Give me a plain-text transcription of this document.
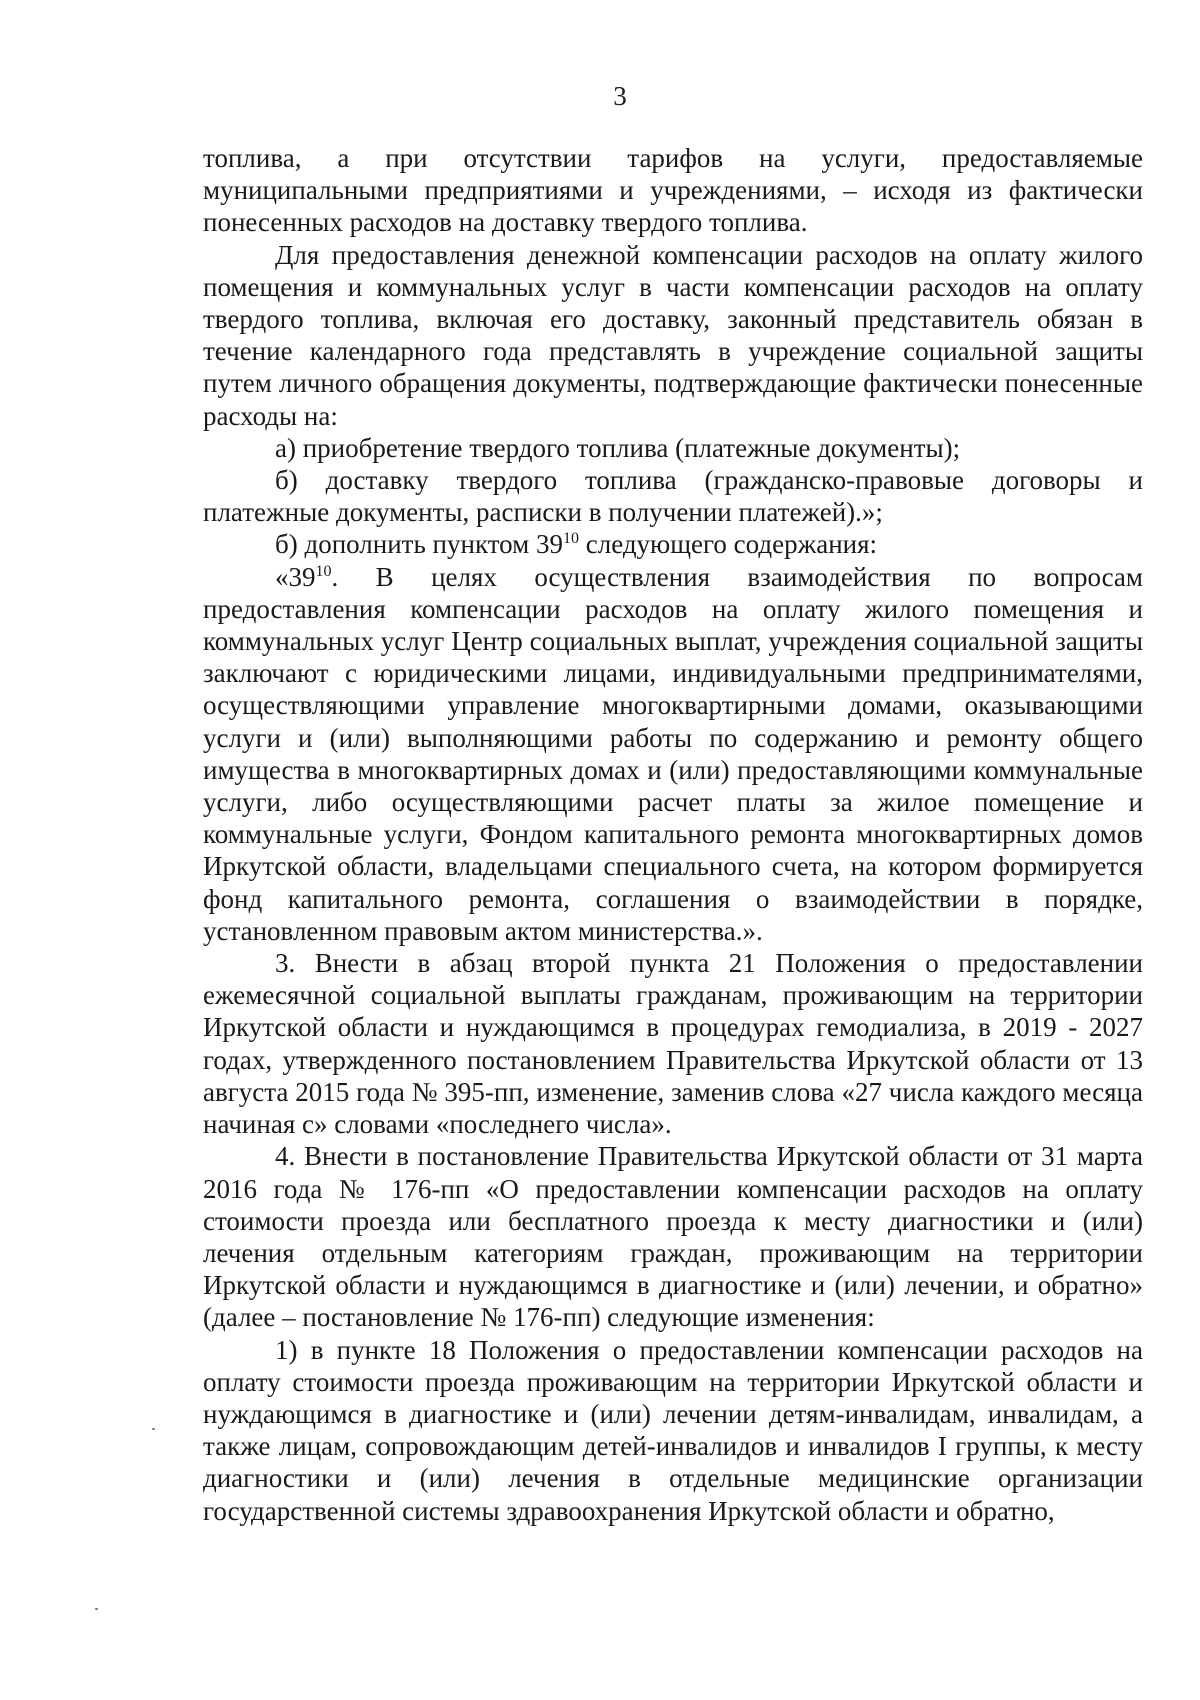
3

топлива, а при отсутствии тарифов на услуги, предоставляемые муниципальными предприятиями и учреждениями, – исходя из фактически понесенных расходов на доставку твердого топлива.

Для предоставления денежной компенсации расходов на оплату жилого помещения и коммунальных услуг в части компенсации расходов на оплату твердого топлива, включая его доставку, законный представитель обязан в течение календарного года представлять в учреждение социальной защиты путем личного обращения документы, подтверждающие фактически понесенные расходы на:

а) приобретение твердого топлива (платежные документы);

б) доставку твердого топлива (гражданско-правовые договоры и платежные документы, расписки в получении платежей).»;

б) дополнить пунктом $39^{10}$ следующего содержания:

«$39^{10}$. В целях осуществления взаимодействия по вопросам предоставления компенсации расходов на оплату жилого помещения и коммунальных услуг Центр социальных выплат, учреждения социальной защиты заключают с юридическими лицами, индивидуальными предпринимателями, осуществляющими управление многоквартирными домами, оказывающими услуги и (или) выполняющими работы по содержанию и ремонту общего имущества в многоквартирных домах и (или) предоставляющими коммунальные услуги, либо осуществляющими расчет платы за жилое помещение и коммунальные услуги, Фондом капитального ремонта многоквартирных домов Иркутской области, владельцами специального счета, на котором формируется фонд капитального ремонта, соглашения о взаимодействии в порядке, установленном правовым актом министерства.».

3. Внести в абзац второй пункта 21 Положения о предоставлении ежемесячной социальной выплаты гражданам, проживающим на территории Иркутской области и нуждающимся в процедурах гемодиализа, в 2019 - 2027 годах, утвержденного постановлением Правительства Иркутской области от 13 августа 2015 года № 395-пп, изменение, заменив слова «27 числа каждого месяца начиная с» словами «последнего числа».

4. Внести в постановление Правительства Иркутской области от 31 марта 2016 года № 176-пп «О предоставлении компенсации расходов на оплату стоимости проезда или бесплатного проезда к месту диагностики и (или) лечения отдельным категориям граждан, проживающим на территории Иркутской области и нуждающимся в диагностике и (или) лечении, и обратно» (далее – постановление № 176-пп) следующие изменения:

1) в пункте 18 Положения о предоставлении компенсации расходов на оплату стоимости проезда проживающим на территории Иркутской области и нуждающимся в диагностике и (или) лечении детям-инвалидам, инвалидам, а также лицам, сопровождающим детей-инвалидов и инвалидов I группы, к месту диагностики и (или) лечения в отдельные медицинские организации государственной системы здравоохранения Иркутской области и обратно,
